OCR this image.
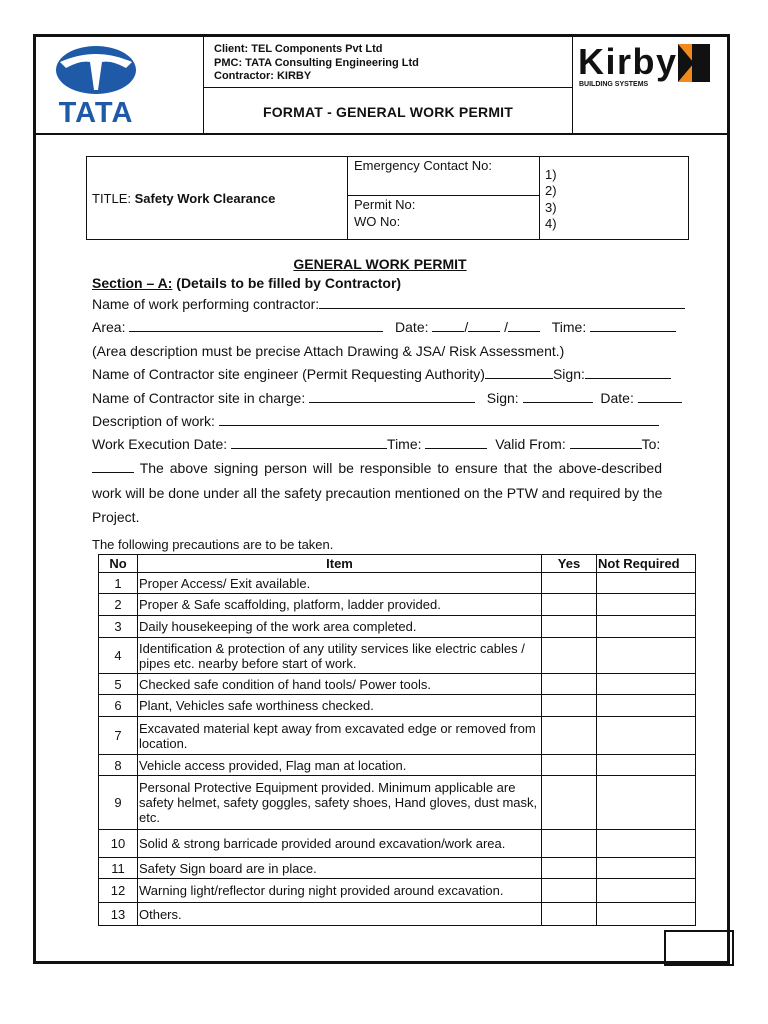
TATA
Kirby
BUILDING SYSTEMS
Client: TEL Components Pvt Ltd
PMC: TATA Consulting Engineering Ltd
Contractor: KIRBY
FORMAT - GENERAL WORK PERMIT
TITLE: Safety Work Clearance
Emergency Contact No:
Permit No:
WO No:
1)
2)
3)
4)
GENERAL WORK PERMIT
Section – A: (Details to be filled by Contractor)
Name of work performing contractor:
Area:	Date:	/	/	Time:
(Area description must be precise Attach Drawing & JSA/ Risk Assessment.)
Name of Contractor site engineer (Permit Requesting Authority)	Sign:
Name of Contractor site in charge:	Sign:	Date:
Description of work:
Work Execution Date:	Time:	Valid From:	To:
The above signing person will be responsible to ensure that the above-described
work will be done under all the safety precaution mentioned on the PTW and required by the
Project.
The following precautions are to be taken.
No	Item	Yes	Not Required
1	Proper Access/ Exit available.		
2	Proper & Safe scaffolding, platform, ladder provided.		
3	Daily housekeeping of the work area completed.		
4	Identification & protection of any utility services like electric cables / pipes etc. nearby before start of work.		
5	Checked safe condition of hand tools/ Power tools.		
6	Plant, Vehicles safe worthiness checked.		
7	Excavated material kept away from excavated edge or removed from location.		
8	Vehicle access provided, Flag man at location.		
9	Personal Protective Equipment provided. Minimum applicable are safety helmet, safety goggles, safety shoes, Hand gloves, dust mask, etc.		
10	Solid & strong barricade provided around excavation/work area.		
11	Safety Sign board are in place.		
12	Warning light/reflector during night provided around excavation.		
13	Others.		
